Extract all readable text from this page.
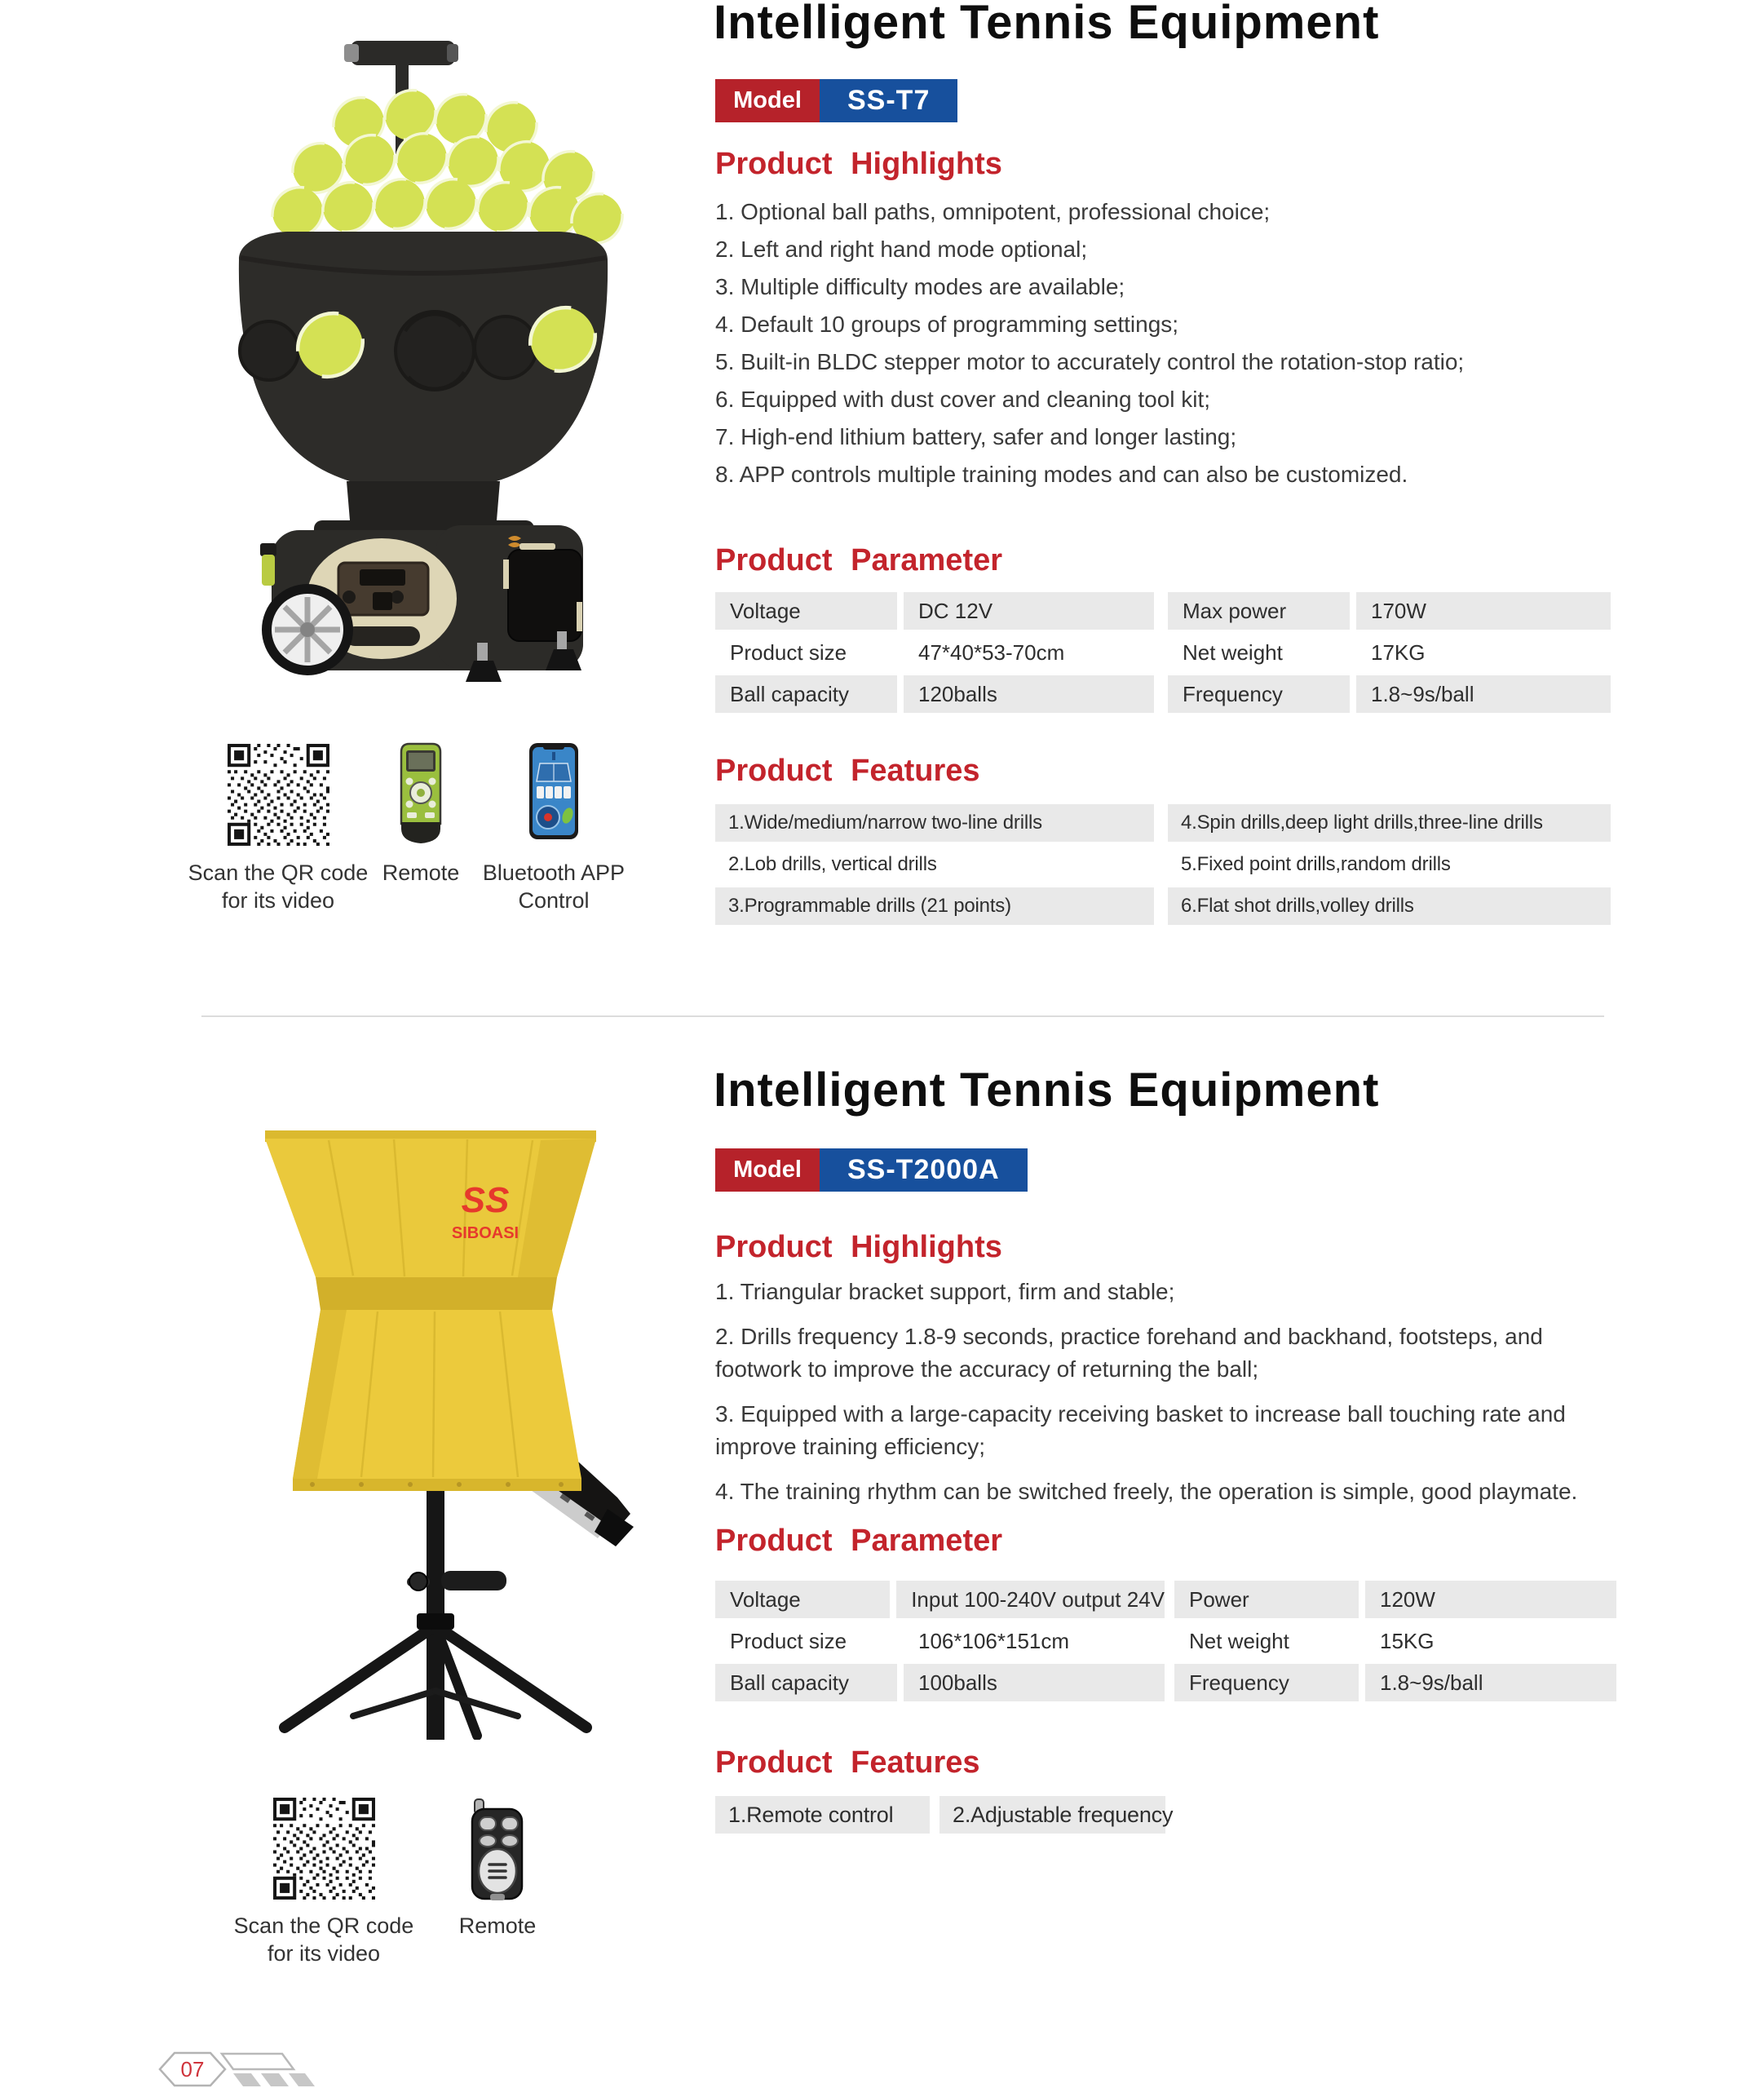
Intelligent Tennis Equipment
Model	SS-T7
Product Highlights
1. Optional ball paths, omnipotent, professional choice;
2. Left and right hand mode optional;
3. Multiple difficulty modes are available;
4. Default 10 groups of programming settings;
5. Built-in BLDC stepper motor to accurately control the rotation-stop ratio;
6. Equipped with dust cover and cleaning tool kit;
7. High-end lithium battery, safer and longer lasting;
8. APP controls multiple training modes and can also be customized.
Product Parameter
Voltage	DC 12V
Product size	47*40*53-70cm
Ball capacity	120balls
Max power	170W
Net weight	17KG
Frequency	1.8~9s/ball
Product Features
1.Wide/medium/narrow two-line drills
2.Lob drills, vertical drills
3.Programmable drills (21 points)
4.Spin drills,deep light drills,three-line drills
5.Fixed point drills,random drills
6.Flat shot drills,volley drills
Scan the QR code
for its video
Remote	Bluetooth APP
Control
SS
SIBOASI
Intelligent Tennis Equipment
Model	SS-T2000A
Product Highlights

1. Triangular bracket support, firm and stable;

2. Drills frequency 1.8-9 seconds, practice forehand and backhand, footsteps, and footwork to improve the accuracy of returning the ball;

3. Equipped with a large-capacity receiving basket to increase ball touching rate and improve training efficiency;

4. The training rhythm can be switched freely, the operation is simple, good playmate.

Product Parameter
Voltage	Input 100-240V output 24V
Product size	106*106*151cm
Ball capacity	100balls
Power	120W
Net weight	15KG
Frequency	1.8~9s/ball
Product Features
1.Remote control	2.Adjustable frequency
Scan the QR code
for its video
Remote
07
